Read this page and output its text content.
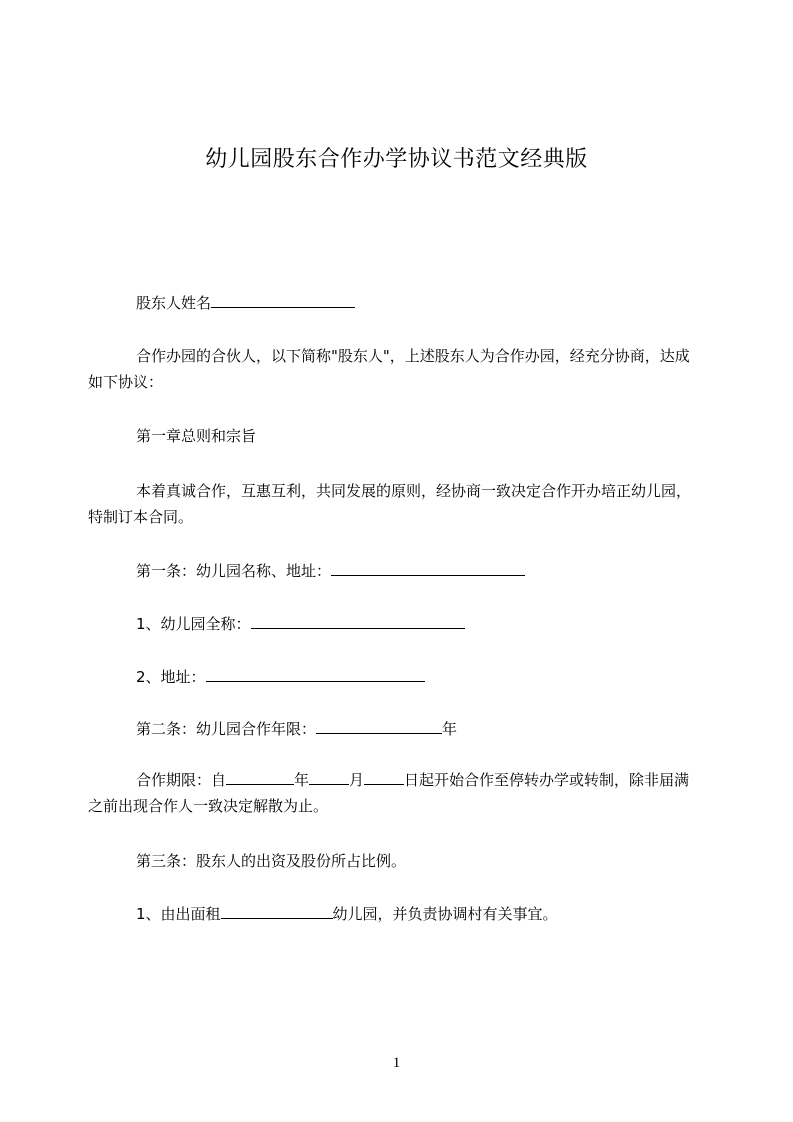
幼儿园股东合作办学协议书范文经典版
股东人姓名
合作办园的合伙人，以下简称"股东人"，上述股东人为合作办园，经充分协商，达成如下协议：
第一章总则和宗旨
本着真诚合作，互惠互利，共同发展的原则，经协商一致决定合作开办培正幼儿园，特制订本合同。
第一条：幼儿园名称、地址：
1、幼儿园全称：
2、地址：
第二条：幼儿园合作年限：	年
合作期限：自	年	月	日起开始合作至停转办学或转制，除非届满之前出现合作人一致决定解散为止。
第三条：股东人的出资及股份所占比例。
1、由出面租	幼儿园，并负责协调村有关事宜。
1
